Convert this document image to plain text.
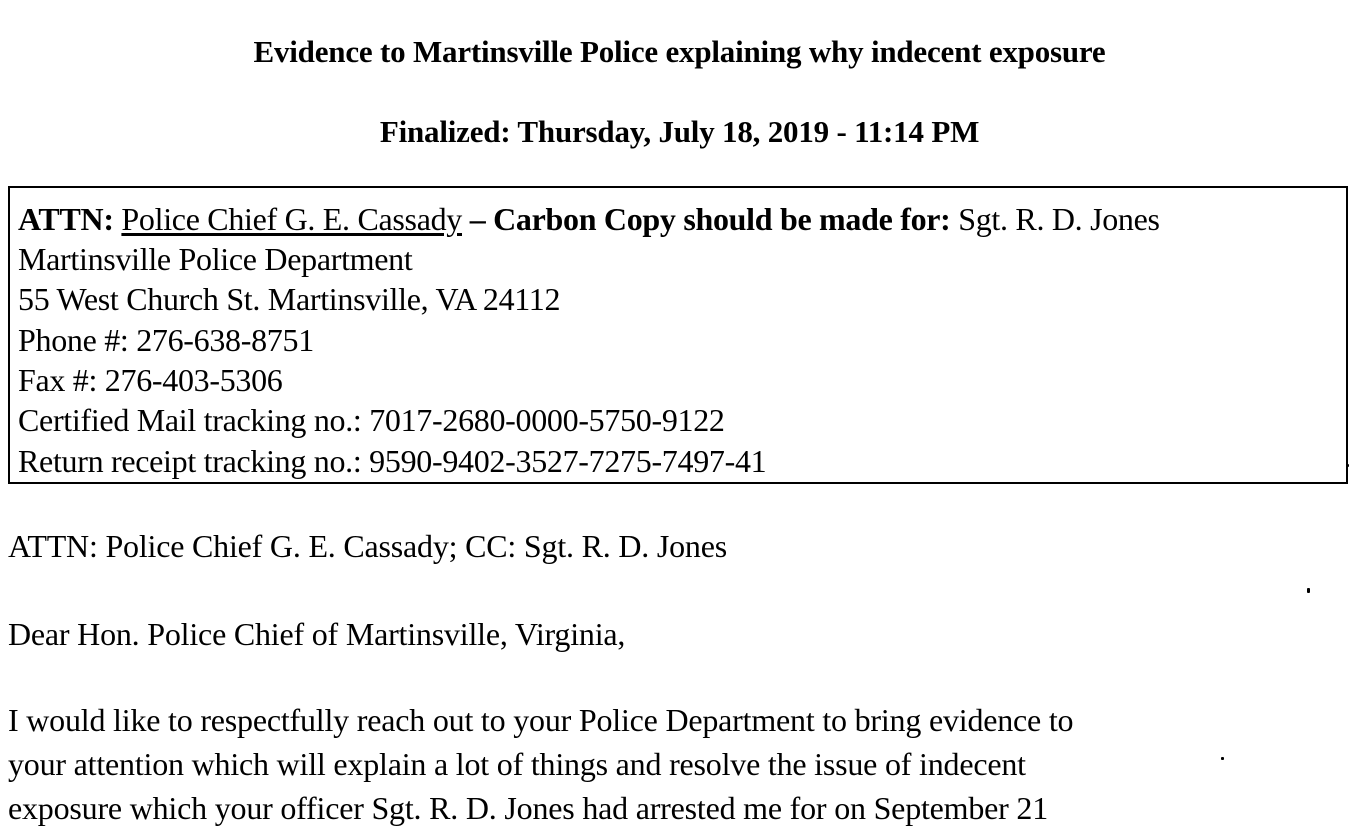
Evidence to Martinsville Police explaining why indecent exposure
Finalized: Thursday, July 18, 2019 - 11:14 PM
ATTN: Police Chief G. E. Cassady – Carbon Copy should be made for: Sgt. R. D. Jones
Martinsville Police Department
55 West Church St. Martinsville, VA 24112
Phone #: 276-638-8751
Fax #: 276-403-5306
Certified Mail tracking no.: 7017-2680-0000-5750-9122
Return receipt tracking no.: 9590-9402-3527-7275-7497-41
ATTN: Police Chief G. E. Cassady; CC: Sgt. R. D. Jones
Dear Hon. Police Chief of Martinsville, Virginia,
I would like to respectfully reach out to your Police Department to bring evidence to
your attention which will explain a lot of things and resolve the issue of indecent
exposure which your officer Sgt. R. D. Jones had arrested me for on September 21
